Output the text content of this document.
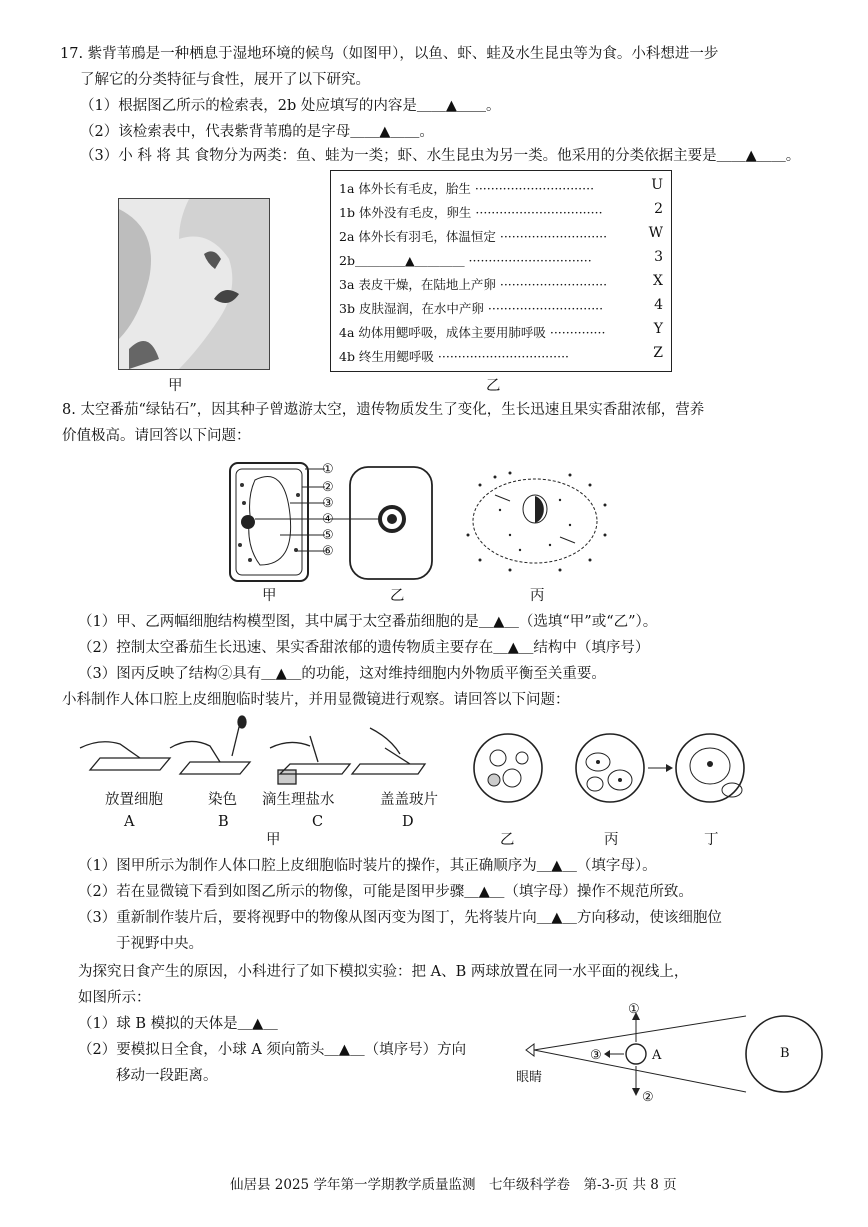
17. 紫背苇鳽是一种栖息于湿地环境的候鸟（如图甲），以鱼、虾、蛙及水生昆虫等为食。小科想进一步
了解它的分类特征与食性，展开了以下研究。
（1）根据图乙所示的检索表，2b 处应填写的内容是＿＿▲＿＿。
（2）该检索表中，代表紫背苇鳽的是字母＿＿▲＿＿。
（3）小 科 将 其 食物分为两类：鱼、蛙为一类；虾、水生昆虫为另一类。他采用的分类依据主要是＿＿▲＿＿。
1a 体外长有毛皮，胎生 ······························	U
1b 体外没有毛皮，卵生 ································	2
2a 体外长有羽毛，体温恒定 ···························	W
2b＿＿＿＿▲＿＿＿＿ ·······························	3
3a 表皮干燥，在陆地上产卵 ···························	X
3b 皮肤湿润，在水中产卵 ·····························	4
4a 幼体用鳃呼吸，成体主要用肺呼吸 ··············	Y
4b 终生用鳃呼吸 ·································	Z
甲	乙
8. 太空番茄“绿钻石”，因其种子曾遨游太空，遗传物质发生了变化，生长迅速且果实香甜浓郁，营养
价值极高。请回答以下问题：
①
②
③
④
⑤
⑥
甲	乙	丙
（1）甲、乙两幅细胞结构模型图，其中属于太空番茄细胞的是＿▲＿（选填“甲”或“乙”）。
（2）控制太空番茄生长迅速、果实香甜浓郁的遗传物质主要存在＿▲＿结构中（填序号）
（3）图丙反映了结构②具有＿▲＿的功能，这对维持细胞内外物质平衡至关重要。
小科制作人体口腔上皮细胞临时装片，并用显微镜进行观察。请回答以下问题：
放置细胞	染色 滴生理盐水	盖盖玻片
A	B	C	D
甲	乙	丙	丁
（1）图甲所示为制作人体口腔上皮细胞临时装片的操作，其正确顺序为＿▲＿（填字母）。
（2）若在显微镜下看到如图乙所示的物像，可能是图甲步骤＿▲＿（填字母）操作不规范所致。
（3）重新制作装片后，要将视野中的物像从图丙变为图丁，先将装片向＿▲＿方向移动，使该细胞位
于视野中央。
为探究日食产生的原因，小科进行了如下模拟实验：把 A、B 两球放置在同一水平面的视线上，
如图所示：
（1）球 B 模拟的天体是＿▲＿
（2）要模拟日全食，小球 A 须向箭头＿▲＿（填序号）方向
移动一段距离。	眼睛
A	B
①
②
③
仙居县 2025 学年第一学期教学质量监测　七年级科学卷　第-3-页 共 8 页
